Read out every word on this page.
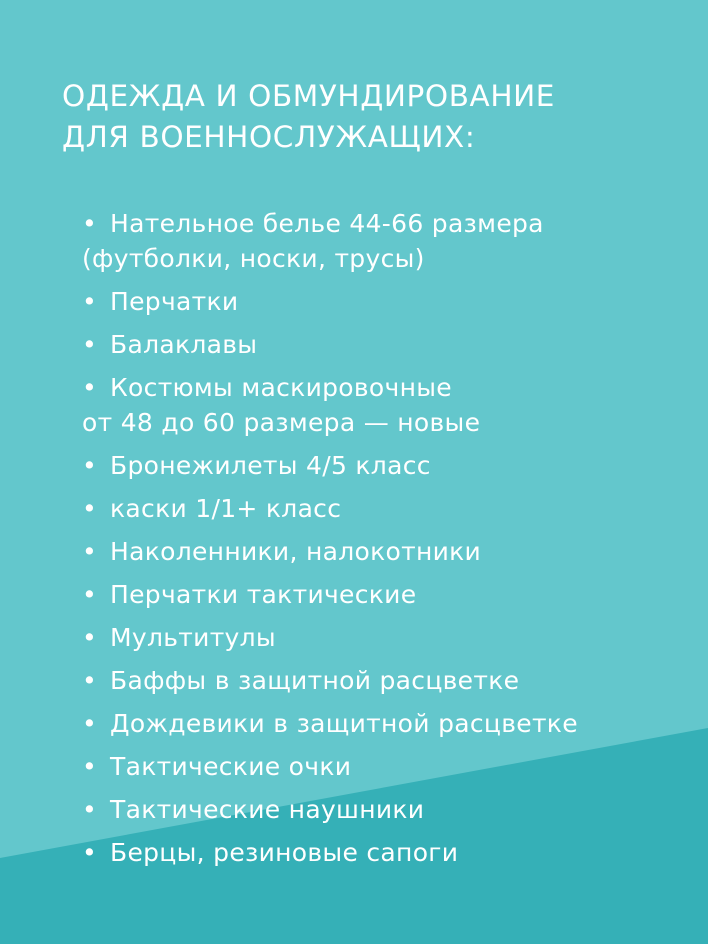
ОДЕЖДА И ОБМУНДИРОВАНИЕ
ДЛЯ ВОЕННОСЛУЖАЩИХ:
• Нательное белье 44-66 размера
(футболки, носки, трусы)
• Перчатки
• Балаклавы
• Костюмы маскировочные
от 48 до 60 размера — новые
• Бронежилеты 4/5 класс
• каски 1/1+ класс
• Наколенники, налокотники
• Перчатки тактические
• Мультитулы
• Баффы в защитной расцветке
• Дождевики в защитной расцветке
• Тактические очки
• Тактические наушники
• Берцы, резиновые сапоги
